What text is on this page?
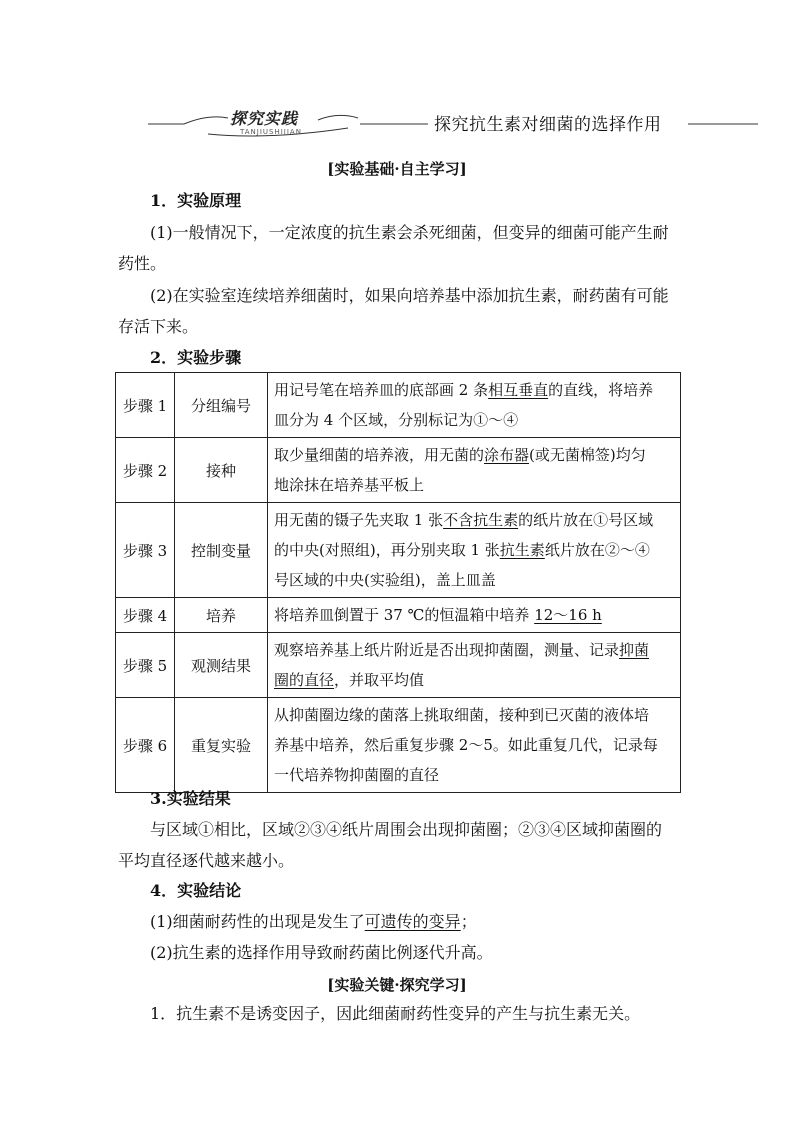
探究实践
TANJIUSHIJIAN	探究抗生素对细菌的选择作用
[实验基础·自主学习]
1．实验原理
(1)一般情况下，一定浓度的抗生素会杀死细菌，但变异的细菌可能产生耐
药性。
(2)在实验室连续培养细菌时，如果向培养基中添加抗生素，耐药菌有可能
存活下来。
2．实验步骤
步骤 1	分组编号	用记号笔在培养皿的底部画 2 条相互垂直的直线，将培养
皿分为 4 个区域，分别标记为①～④
步骤 2	接种	取少量细菌的培养液，用无菌的涂布器(或无菌棉签)均匀
地涂抹在培养基平板上
步骤 3	控制变量	用无菌的镊子先夹取 1 张不含抗生素的纸片放在①号区域
的中央(对照组)，再分别夹取 1 张抗生素纸片放在②～④
号区域的中央(实验组)，盖上皿盖
步骤 4	培养	将培养皿倒置于 37 ℃的恒温箱中培养 12～16 h
步骤 5	观测结果	观察培养基上纸片附近是否出现抑菌圈，测量、记录抑菌
圈的直径，并取平均值
步骤 6	重复实验	从抑菌圈边缘的菌落上挑取细菌，接种到已灭菌的液体培
养基中培养，然后重复步骤 2～5。如此重复几代，记录每
一代培养物抑菌圈的直径
3.实验结果
与区域①相比，区域②③④纸片周围会出现抑菌圈；②③④区域抑菌圈的
平均直径逐代越来越小。
4．实验结论
(1)细菌耐药性的出现是发生了可遗传的变异；
(2)抗生素的选择作用导致耐药菌比例逐代升高。
[实验关键·探究学习]
1．抗生素不是诱变因子，因此细菌耐药性变异的产生与抗生素无关。
